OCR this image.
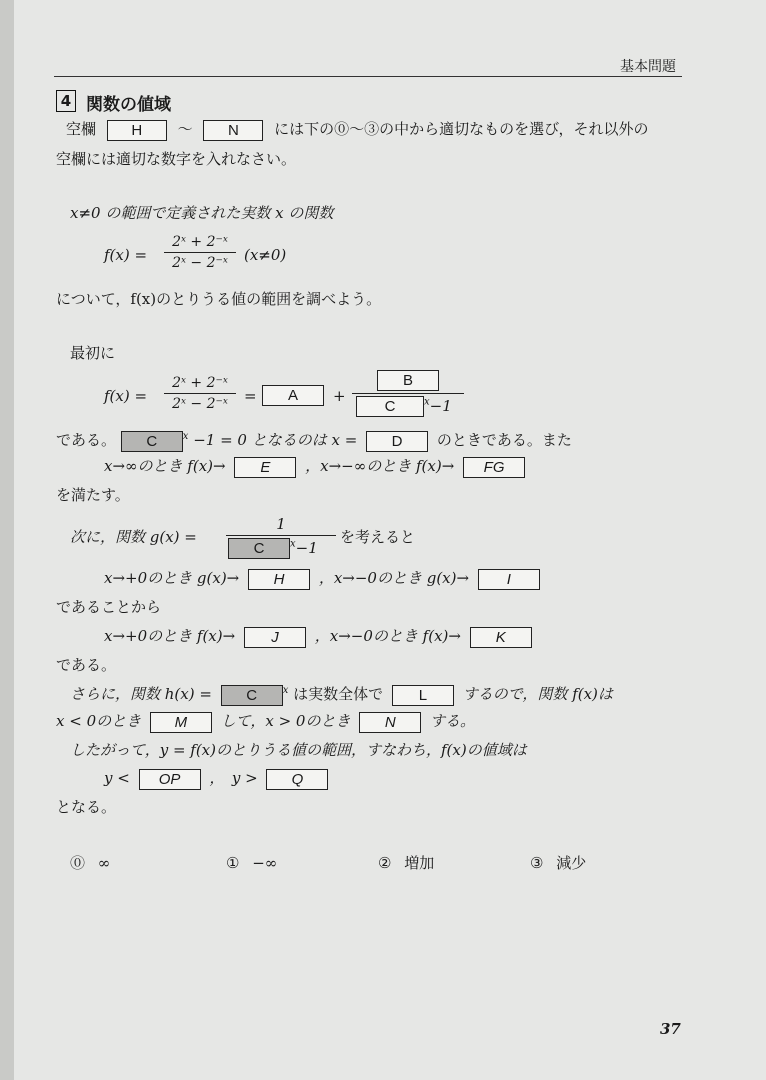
基本問題
4 関数の値域
空欄 H 〜 N には下の⓪〜③の中から適切なものを選び，それ以外の
空欄には適切な数字を入れなさい。
x≠0 の範囲で定義された実数 x の関数
f(x) =
2ˣ + 2⁻ˣ
2ˣ − 2⁻ˣ	(x≠0)
について，f(x)のとりうる値の範囲を調べよう。
最初に
f(x) =
2ˣ + 2⁻ˣ
2ˣ − 2⁻ˣ	=	A	+
B
C	$^x$−1
である。 C	$^x$ −1 = 0 となるのは x = D のときである。また
x→∞のとき f(x)→ E ，x→−∞のとき f(x)→ FG
を満たす。
次に，関数 g(x) =
1
C	$^x$−1
を考えると
x→+0のとき g(x)→ H ，x→−0のとき g(x)→	I
であることから
x→+0のとき f(x)→ J ，x→−0のとき f(x)→ K
である。
さらに，関数 h(x) = C	$^x$ は実数全体で L するので，関数 f(x)は
x < 0のとき M して，x > 0のとき N する。
したがって，y = f(x)のとりうる値の範囲，すなわち，f(x)の値域は
y < OP ，　y > Q
となる。
⓪ ∞	① −∞	② 増加	③ 減少
37
